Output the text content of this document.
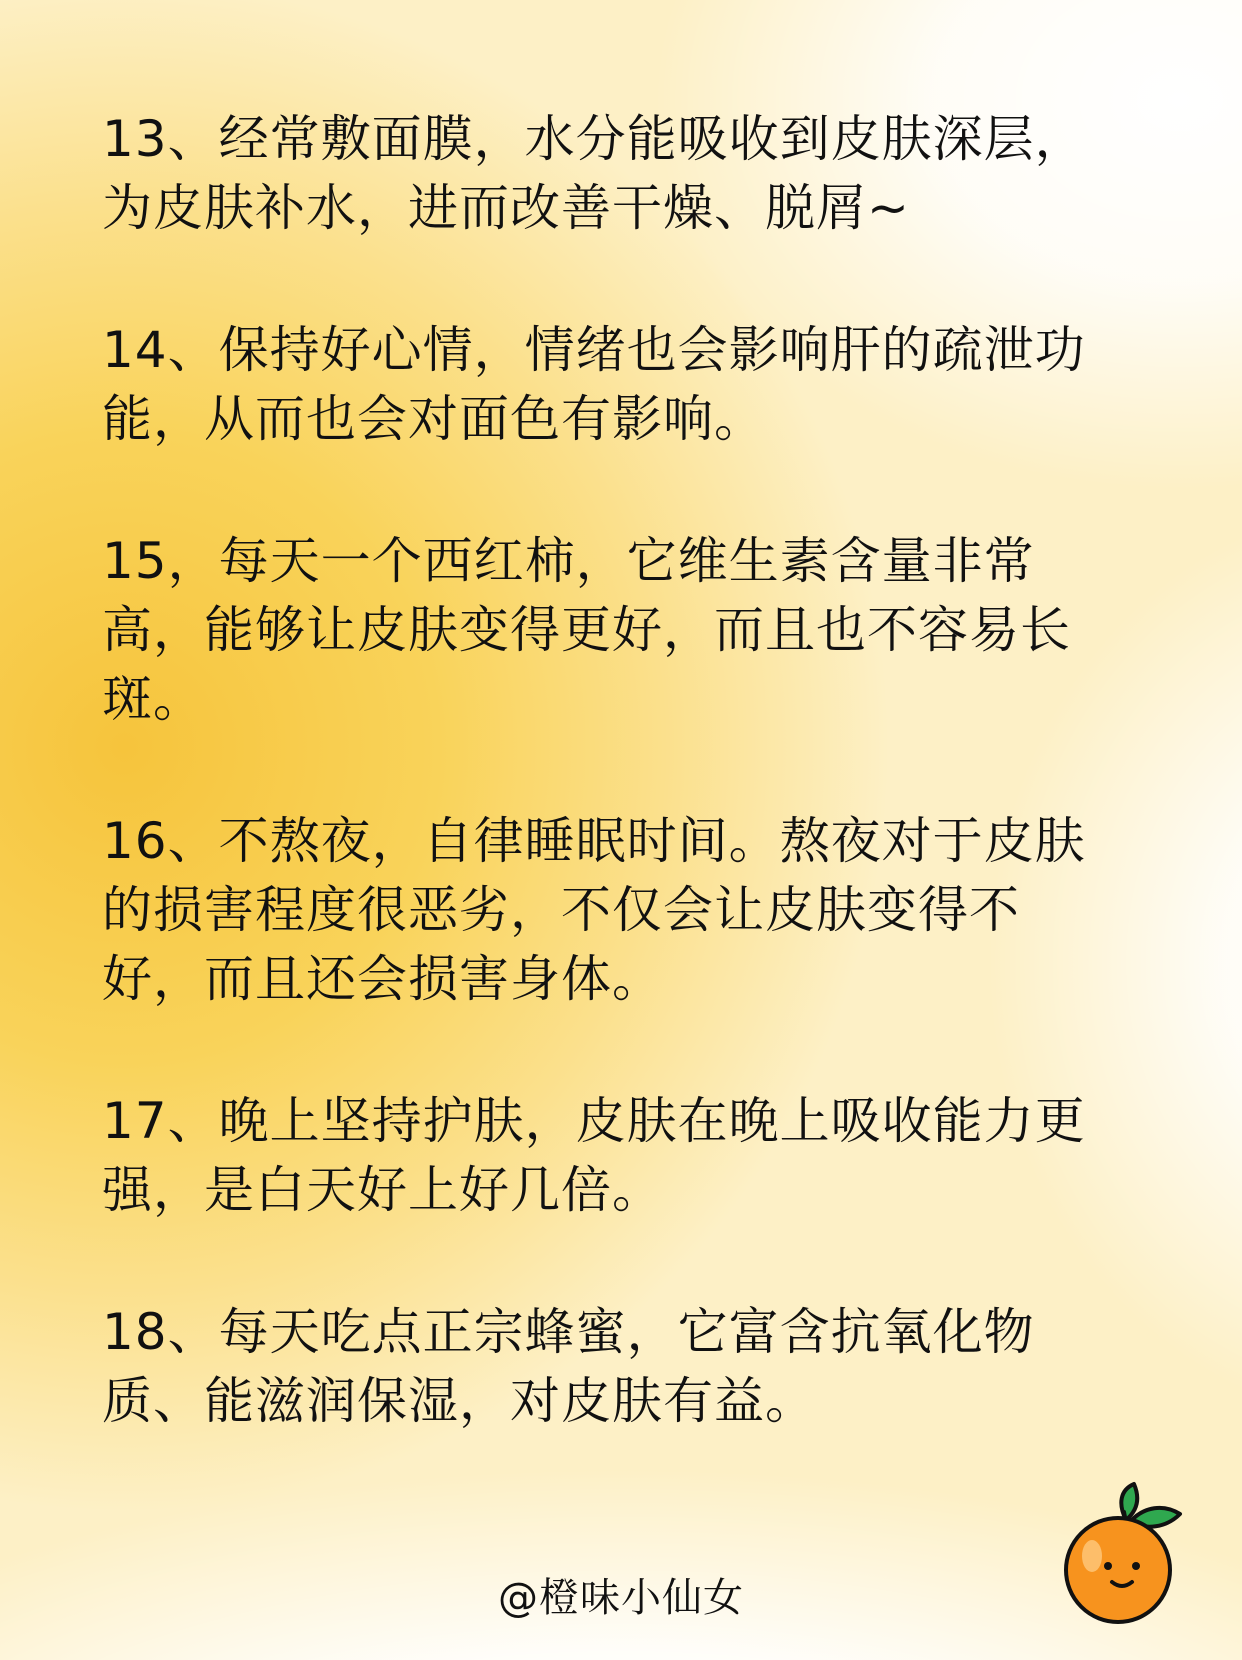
13、经常敷面膜，水分能吸收到皮肤深层，
为皮肤补水，进而改善干燥、脱屑~
14、保持好心情，情绪也会影响肝的疏泄功
能，从而也会对面色有影响。
15，每天一个西红柿，它维生素含量非常
高，能够让皮肤变得更好，而且也不容易长
斑。
16、不熬夜，自律睡眠时间。熬夜对于皮肤
的损害程度很恶劣，不仅会让皮肤变得不
好，而且还会损害身体。
17、晚上坚持护肤，皮肤在晚上吸收能力更
强，是白天好上好几倍。
18、每天吃点正宗蜂蜜，它富含抗氧化物
质、能滋润保湿，对皮肤有益。
@橙味小仙女
